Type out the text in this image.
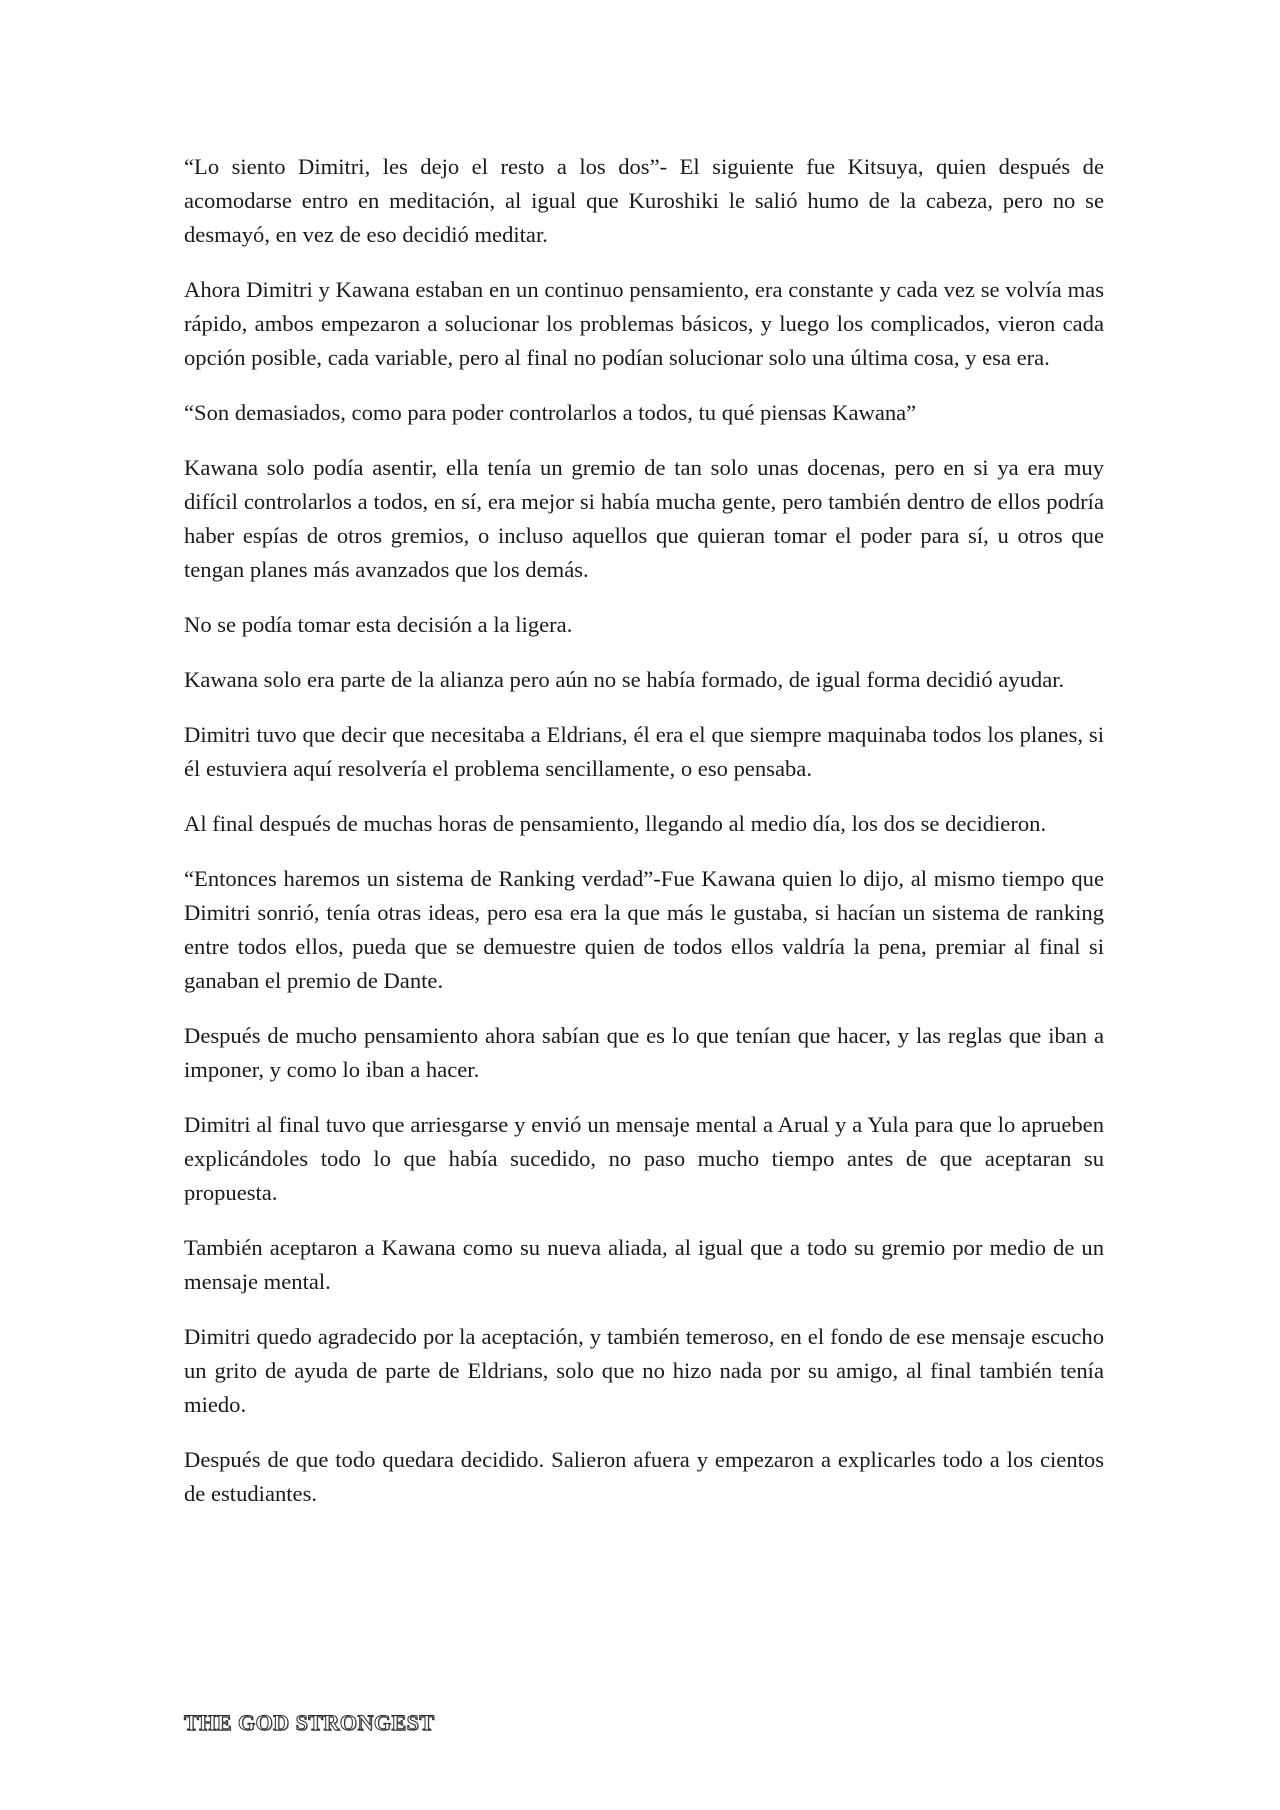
“Lo siento Dimitri, les dejo el resto a los dos”- El siguiente fue Kitsuya, quien después de acomodarse entro en meditación, al igual que Kuroshiki le salió humo de la cabeza, pero no se desmayó, en vez de eso decidió meditar.

Ahora Dimitri y Kawana estaban en un continuo pensamiento, era constante y cada vez se volvía mas rápido, ambos empezaron a solucionar los problemas básicos, y luego los complicados, vieron cada opción posible, cada variable, pero al final no podían solucionar solo una última cosa, y esa era.

“Son demasiados, como para poder controlarlos a todos, tu qué piensas Kawana”

Kawana solo podía asentir, ella tenía un gremio de tan solo unas docenas, pero en si ya era muy difícil controlarlos a todos, en sí, era mejor si había mucha gente, pero también dentro de ellos podría haber espías de otros gremios, o incluso aquellos que quieran tomar el poder para sí, u otros que tengan planes más avanzados que los demás.

No se podía tomar esta decisión a la ligera.

Kawana solo era parte de la alianza pero aún no se había formado, de igual forma decidió ayudar.

Dimitri tuvo que decir que necesitaba a Eldrians, él era el que siempre maquinaba todos los planes, si él estuviera aquí resolvería el problema sencillamente, o eso pensaba.

Al final después de muchas horas de pensamiento, llegando al medio día, los dos se decidieron.

“Entonces haremos un sistema de Ranking verdad”-Fue Kawana quien lo dijo, al mismo tiempo que Dimitri sonrió, tenía otras ideas, pero esa era la que más le gustaba, si hacían un sistema de ranking entre todos ellos, pueda que se demuestre quien de todos ellos valdría la pena, premiar al final si ganaban el premio de Dante.

Después de mucho pensamiento ahora sabían que es lo que tenían que hacer, y las reglas que iban a imponer, y como lo iban a hacer.

Dimitri al final tuvo que arriesgarse y envió un mensaje mental a Arual y a Yula para que lo aprueben explicándoles todo lo que había sucedido, no paso mucho tiempo antes de que aceptaran su propuesta.

También aceptaron a Kawana como su nueva aliada, al igual que a todo su gremio por medio de un mensaje mental.

Dimitri quedo agradecido por la aceptación, y también temeroso, en el fondo de ese mensaje escucho un grito de ayuda de parte de Eldrians, solo que no hizo nada por su amigo, al final también tenía miedo.

Después de que todo quedara decidido. Salieron afuera y empezaron a explicarles todo a los cientos de estudiantes.

THE GOD STRONGEST
